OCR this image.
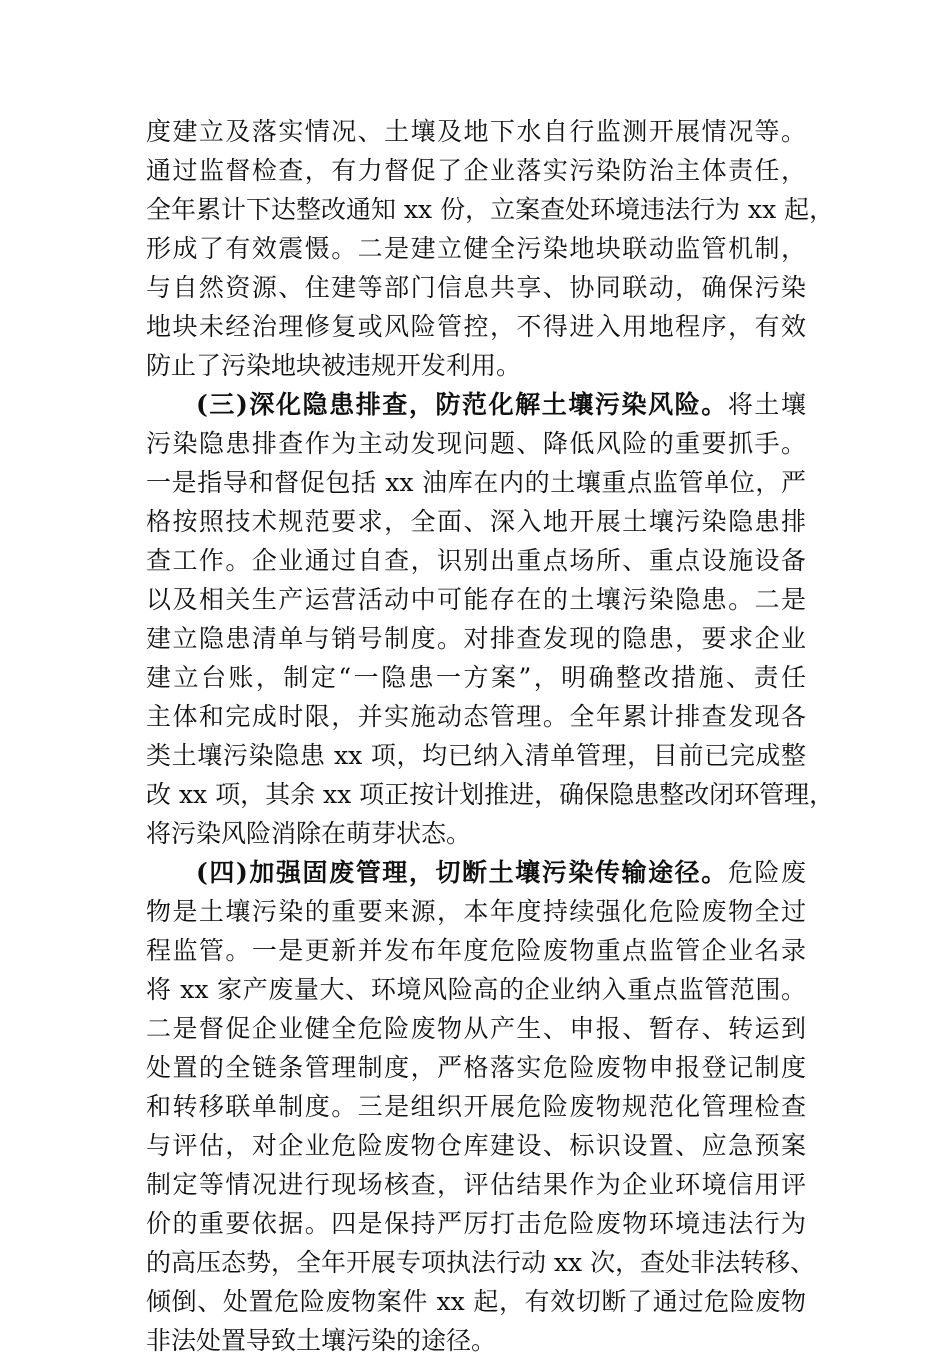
度建立及落实情况、土壤及地下水自行监测开展情况等。
通过监督检查，有力督促了企业落实污染防治主体责任，
全年累计下达整改通知 xx 份，立案查处环境违法行为 xx 起，
形成了有效震慑。二是建立健全污染地块联动监管机制，
与自然资源、住建等部门信息共享、协同联动，确保污染
地块未经治理修复或风险管控，不得进入用地程序，有效
防止了污染地块被违规开发利用。
(三)深化隐患排查，防范化解土壤污染风险。将土壤
污染隐患排查作为主动发现问题、降低风险的重要抓手。
一是指导和督促包括 xx 油库在内的土壤重点监管单位，严
格按照技术规范要求，全面、深入地开展土壤污染隐患排
查工作。企业通过自查，识别出重点场所、重点设施设备
以及相关生产运营活动中可能存在的土壤污染隐患。二是
建立隐患清单与销号制度。对排查发现的隐患，要求企业
建立台账，制定“一隐患一方案”，明确整改措施、责任
主体和完成时限，并实施动态管理。全年累计排查发现各
类土壤污染隐患 xx 项，均已纳入清单管理，目前已完成整
改 xx 项，其余 xx 项正按计划推进，确保隐患整改闭环管理，
将污染风险消除在萌芽状态。
(四)加强固废管理，切断土壤污染传输途径。危险废
物是土壤污染的重要来源，本年度持续强化危险废物全过
程监管。一是更新并发布年度危险废物重点监管企业名录
将 xx 家产废量大、环境风险高的企业纳入重点监管范围。
二是督促企业健全危险废物从产生、申报、暂存、转运到
处置的全链条管理制度，严格落实危险废物申报登记制度
和转移联单制度。三是组织开展危险废物规范化管理检查
与评估，对企业危险废物仓库建设、标识设置、应急预案
制定等情况进行现场核查，评估结果作为企业环境信用评
价的重要依据。四是保持严厉打击危险废物环境违法行为
的高压态势，全年开展专项执法行动 xx 次，查处非法转移、
倾倒、处置危险废物案件 xx 起，有效切断了通过危险废物
非法处置导致土壤污染的途径。
